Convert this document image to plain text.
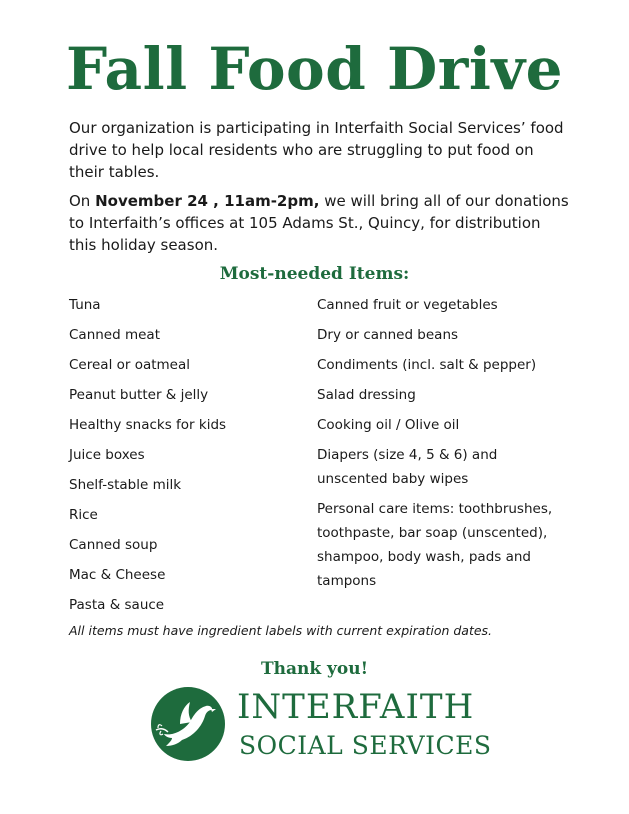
Fall Food Drive

Our organization is participating in Interfaith Social Services’ food drive to help local residents who are struggling to put food on their tables.

On November 24 , 11am-2pm, we will bring all of our donations to Interfaith’s offices at 105 Adams St., Quincy, for distribution this holiday season.

Most-needed Items:
Tuna
Canned meat
Cereal or oatmeal
Peanut butter & jelly
Healthy snacks for kids
Juice boxes
Shelf-stable milk
Rice
Canned soup
Mac & Cheese
Pasta & sauce
Canned fruit or vegetables
Dry or canned beans
Condiments (incl. salt & pepper)
Salad dressing
Cooking oil / Olive oil
Diapers (size 4, 5 & 6) and unscented baby wipes
Personal care items: toothbrushes, toothpaste, bar soap (unscented), shampoo, body wash, pads and tampons

All items must have ingredient labels with current expiration dates.

Thank you!
INTERFAITH
SOCIAL SERVICES
